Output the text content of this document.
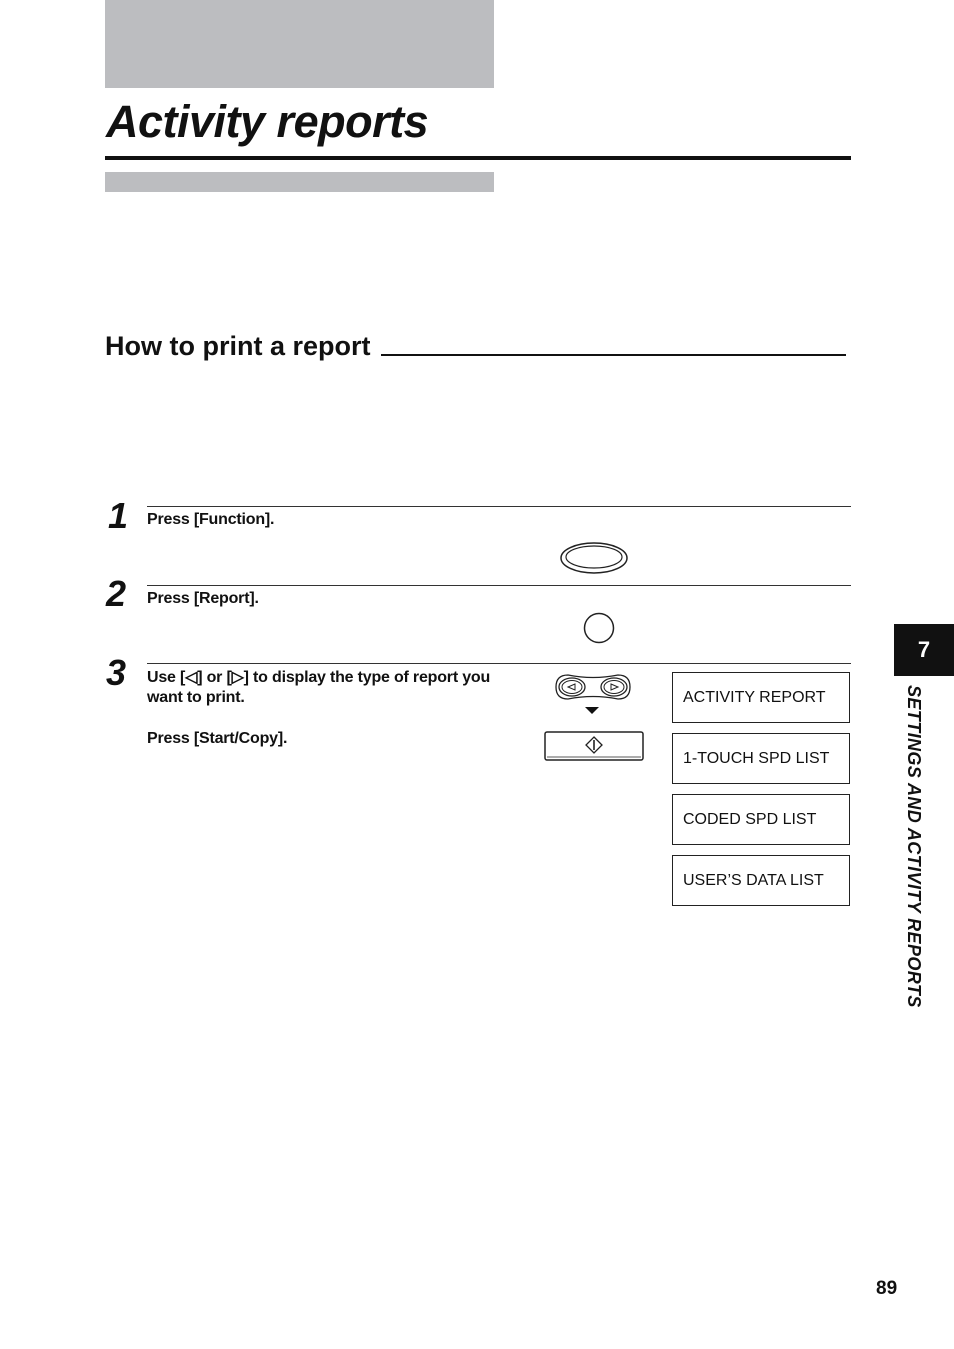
Activity reports
How to print a report
1 Press [Function].
2 Press [Report].
3 Use [◁] or [▷] to display the type of report you
want to print.
Press [Start/Copy].
ACTIVITY REPORT
1-TOUCH SPD LIST
CODED SPD LIST
USER’S DATA LIST
7
SETTINGS AND ACTIVITY REPORTS
89
